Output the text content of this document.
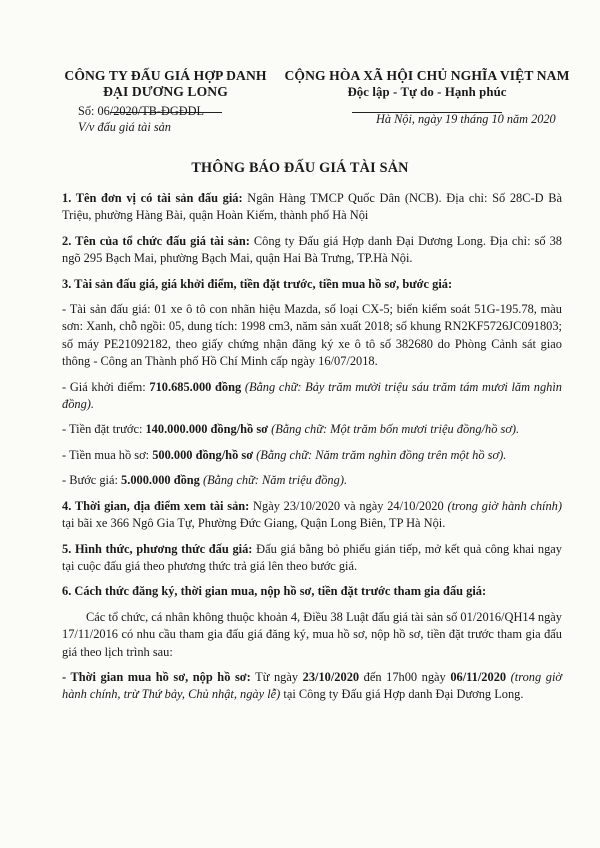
CÔNG TY ĐẤU GIÁ HỢP DANH
ĐẠI DƯƠNG LONG
CỘNG HÒA XÃ HỘI CHỦ NGHĨA VIỆT NAM
Độc lập - Tự do - Hạnh phúc
Số: 06/2020/TB-ĐGĐDL
V/v đấu giá tài sản
Hà Nội, ngày 19 tháng 10 năm 2020
THÔNG BÁO ĐẤU GIÁ TÀI SẢN

1. Tên đơn vị có tài sản đấu giá: Ngân Hàng TMCP Quốc Dân (NCB). Địa chỉ: Số 28C-D Bà Triệu, phường Hàng Bài, quận Hoàn Kiếm, thành phố Hà Nội

2. Tên của tổ chức đấu giá tài sản: Công ty Đấu giá Hợp danh Đại Dương Long. Địa chỉ: số 38 ngõ 295 Bạch Mai, phường Bạch Mai, quận Hai Bà Trưng, TP.Hà Nội.

3. Tài sản đấu giá, giá khởi điểm, tiền đặt trước, tiền mua hồ sơ, bước giá:

- Tài sản đấu giá: 01 xe ô tô con nhãn hiệu Mazda, số loại CX-5; biển kiểm soát 51G-195.78, màu sơn: Xanh, chỗ ngồi: 05, dung tích: 1998 cm3, năm sản xuất 2018; số khung RN2KF5726JC091803; số máy PE21092182, theo giấy chứng nhận đăng ký xe ô tô số 382680 do Phòng Cảnh sát giao thông - Công an Thành phố Hồ Chí Minh cấp ngày 16/07/2018.

- Giá khởi điểm: 710.685.000 đồng (Bằng chữ: Bảy trăm mười triệu sáu trăm tám mươi lăm nghìn đồng).

- Tiền đặt trước: 140.000.000 đồng/hồ sơ (Bằng chữ: Một trăm bốn mươi triệu đồng/hồ sơ).

- Tiền mua hồ sơ: 500.000 đồng/hồ sơ (Bằng chữ: Năm trăm nghìn đồng trên một hồ sơ).

- Bước giá: 5.000.000 đồng (Bằng chữ: Năm triệu đồng).

4. Thời gian, địa điểm xem tài sản: Ngày 23/10/2020 và ngày 24/10/2020 (trong giờ hành chính) tại bãi xe 366 Ngô Gia Tự, Phường Đức Giang, Quận Long Biên, TP Hà Nội.

5. Hình thức, phương thức đấu giá: Đấu giá bằng bỏ phiếu gián tiếp, mở kết quả công khai ngay tại cuộc đấu giá theo phương thức trả giá lên theo bước giá.

6. Cách thức đăng ký, thời gian mua, nộp hồ sơ, tiền đặt trước tham gia đấu giá:

Các tổ chức, cá nhân không thuộc khoản 4, Điều 38 Luật đấu giá tài sản số 01/2016/QH14 ngày 17/11/2016 có nhu cầu tham gia đấu giá đăng ký, mua hồ sơ, nộp hồ sơ, tiền đặt trước tham gia đấu giá theo lịch trình sau:

- Thời gian mua hồ sơ, nộp hồ sơ: Từ ngày 23/10/2020 đến 17h00 ngày 06/11/2020 (trong giờ hành chính, trừ Thứ bảy, Chủ nhật, ngày lễ) tại Công ty Đấu giá Hợp danh Đại Dương Long.
